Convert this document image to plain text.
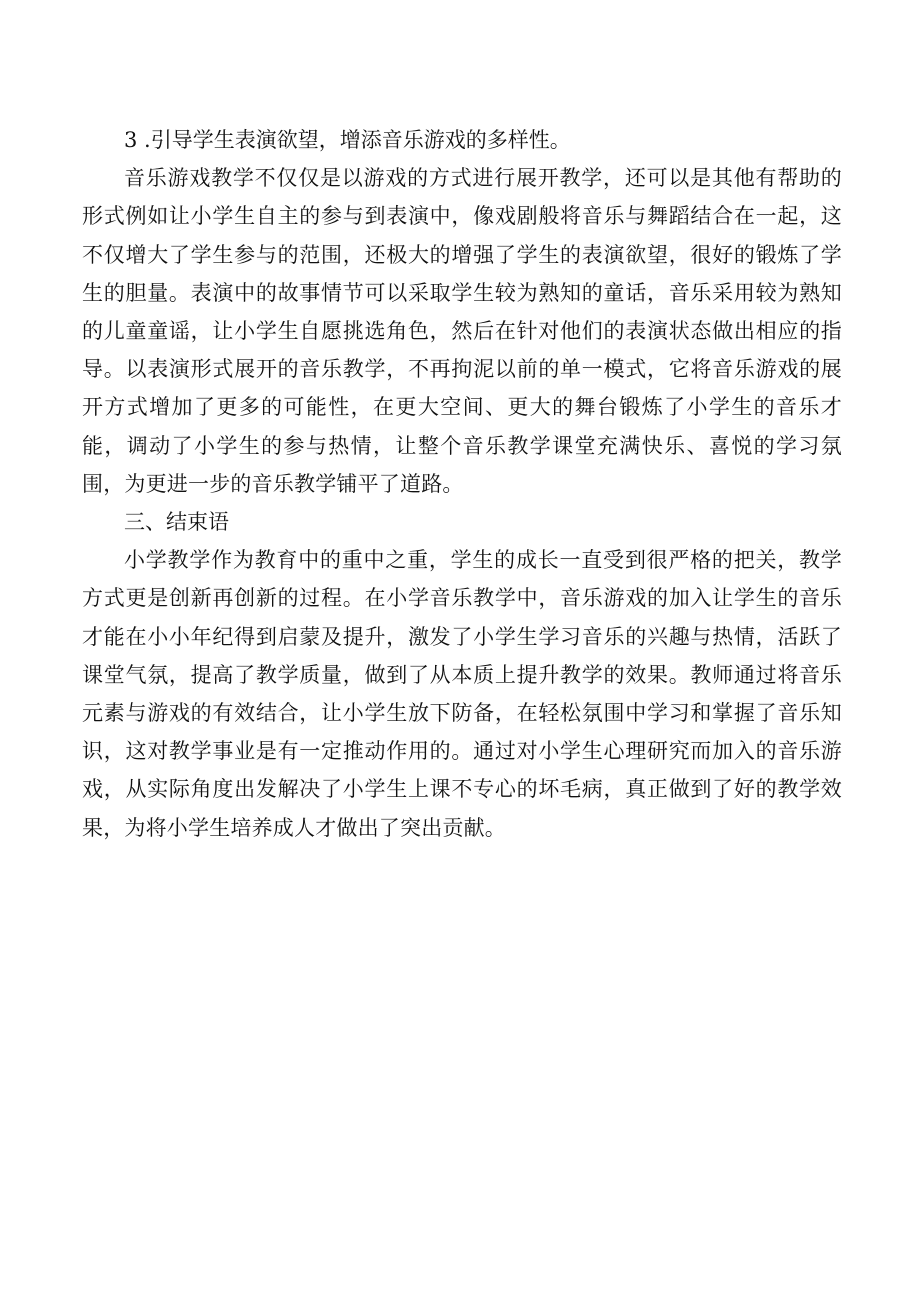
3 .引导学生表演欲望，增添音乐游戏的多样性。

音乐游戏教学不仅仅是以游戏的方式进行展开教学，还可以是其他有帮助的形式例如让小学生自主的参与到表演中，像戏剧般将音乐与舞蹈结合在一起，这不仅增大了学生参与的范围，还极大的增强了学生的表演欲望，很好的锻炼了学生的胆量。表演中的故事情节可以采取学生较为熟知的童话，音乐采用较为熟知的儿童童谣，让小学生自愿挑选角色，然后在针对他们的表演状态做出相应的指导。以表演形式展开的音乐教学，不再拘泥以前的单一模式，它将音乐游戏的展开方式增加了更多的可能性，在更大空间、更大的舞台锻炼了小学生的音乐才能，调动了小学生的参与热情，让整个音乐教学课堂充满快乐、喜悦的学习氛围，为更进一步的音乐教学铺平了道路。

三、结束语

小学教学作为教育中的重中之重，学生的成长一直受到很严格的把关，教学方式更是创新再创新的过程。在小学音乐教学中，音乐游戏的加入让学生的音乐才能在小小年纪得到启蒙及提升，激发了小学生学习音乐的兴趣与热情，活跃了课堂气氛，提高了教学质量，做到了从本质上提升教学的效果。教师通过将音乐元素与游戏的有效结合，让小学生放下防备，在轻松氛围中学习和掌握了音乐知识，这对教学事业是有一定推动作用的。通过对小学生心理研究而加入的音乐游戏，从实际角度出发解决了小学生上课不专心的坏毛病，真正做到了好的教学效果，为将小学生培养成人才做出了突出贡献。
